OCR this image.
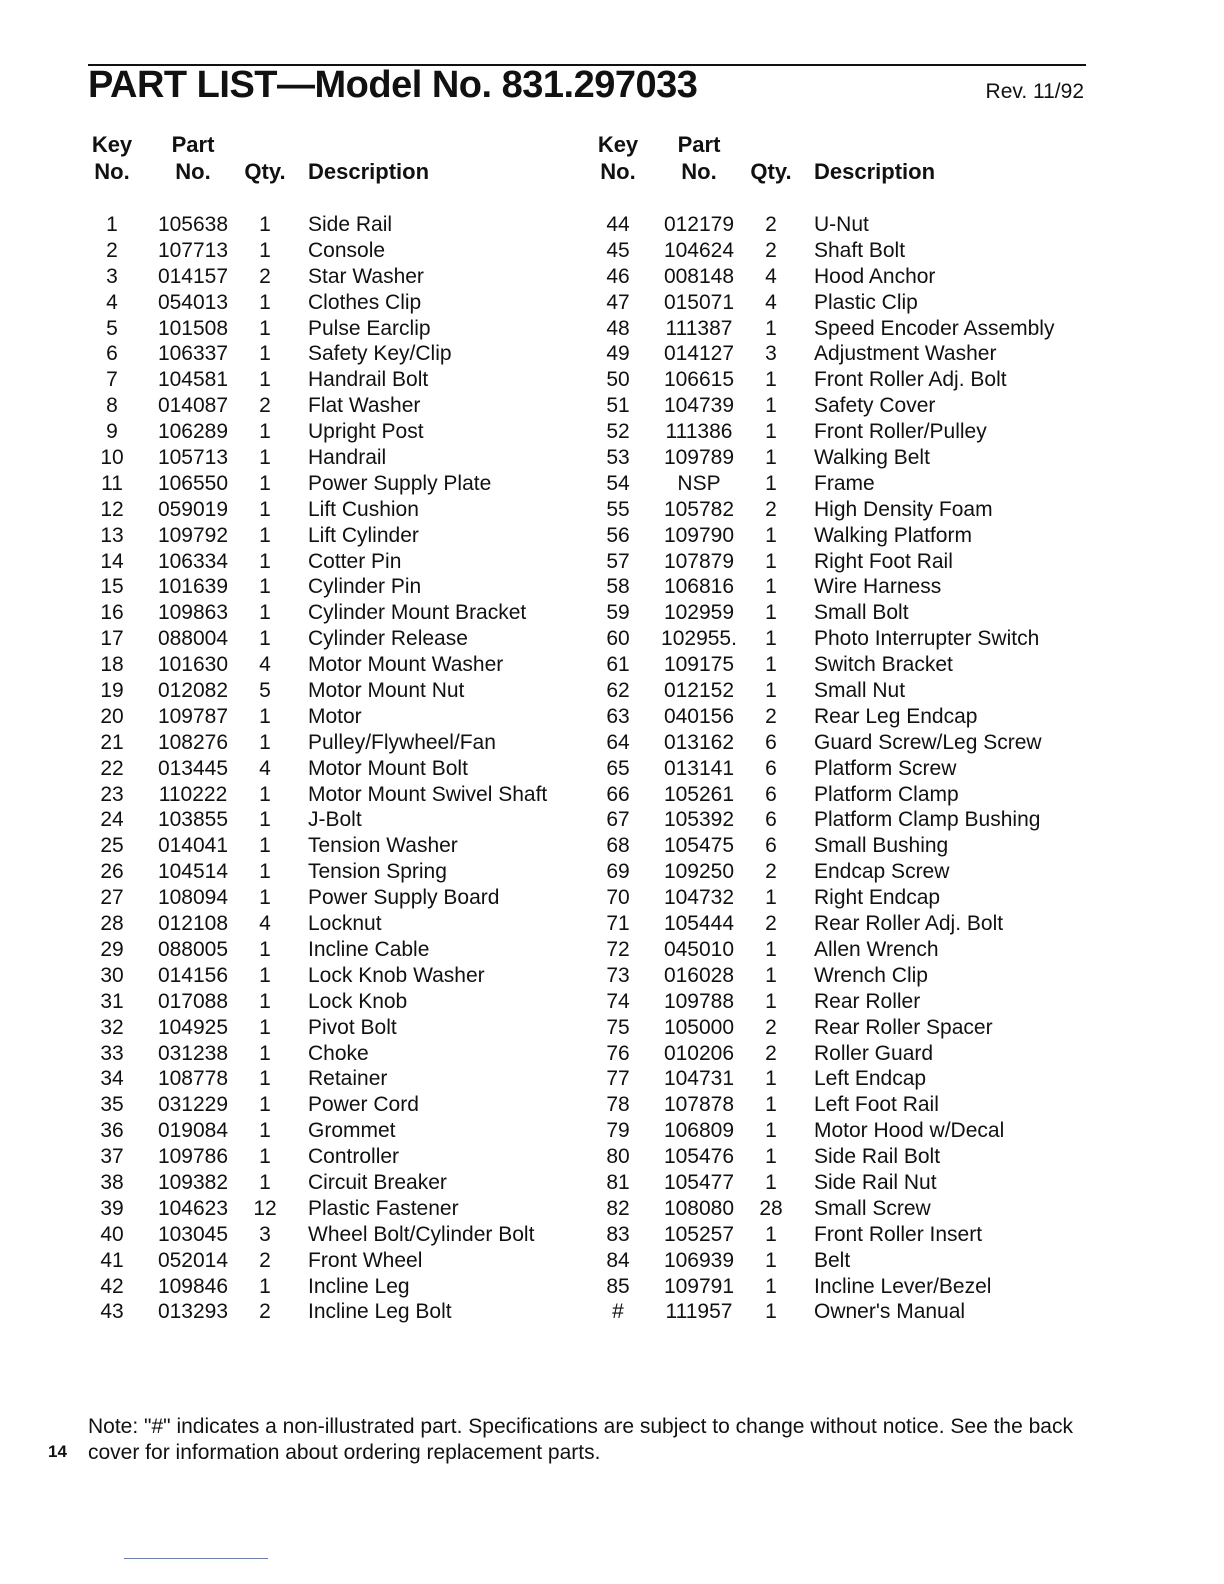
PART LIST—Model No. 831.297033	Rev. 11/92
Key
No.
Part
No.	Qty. Description
1	105638	1	Side Rail
2	107713	1	Console
3	014157	2	Star Washer
4	054013	1	Clothes Clip
5	101508	1	Pulse Earclip
6	106337	1	Safety Key/Clip
7	104581	1	Handrail Bolt
8	014087	2	Flat Washer
9	106289	1	Upright Post
10	105713	1	Handrail
11	106550	1	Power Supply Plate
12	059019	1	Lift Cushion
13	109792	1	Lift Cylinder
14	106334	1	Cotter Pin
15	101639	1	Cylinder Pin
16	109863	1	Cylinder Mount Bracket
17	088004	1	Cylinder Release
18	101630	4	Motor Mount Washer
19	012082	5	Motor Mount Nut
20	109787	1	Motor
21	108276	1	Pulley/Flywheel/Fan
22	013445	4	Motor Mount Bolt
23	110222	1	Motor Mount Swivel Shaft
24	103855	1	J-Bolt
25	014041	1	Tension Washer
26	104514	1	Tension Spring
27	108094	1	Power Supply Board
28	012108	4	Locknut
29	088005	1	Incline Cable
30	014156	1	Lock Knob Washer
31	017088	1	Lock Knob
32	104925	1	Pivot Bolt
33	031238	1	Choke
34	108778	1	Retainer
35	031229	1	Power Cord
36	019084	1	Grommet
37	109786	1	Controller
38	109382	1	Circuit Breaker
39	104623	12	Plastic Fastener
40	103045	3	Wheel Bolt/Cylinder Bolt
41	052014	2	Front Wheel
42	109846	1	Incline Leg
43	013293	2	Incline Leg Bolt
Key
No.
Part
No.	Qty. Description
44	012179	2	U-Nut
45	104624	2	Shaft Bolt
46	008148	4	Hood Anchor
47	015071	4	Plastic Clip
48	111387	1	Speed Encoder Assembly
49	014127	3	Adjustment Washer
50	106615	1	Front Roller Adj. Bolt
51	104739	1	Safety Cover
52	111386	1	Front Roller/Pulley
53	109789	1	Walking Belt
54	NSP	1	Frame
55	105782	2	High Density Foam
56	109790	1	Walking Platform
57	107879	1	Right Foot Rail
58	106816	1	Wire Harness
59	102959	1	Small Bolt
60	102955.	1	Photo Interrupter Switch
61	109175	1	Switch Bracket
62	012152	1	Small Nut
63	040156	2	Rear Leg Endcap
64	013162	6	Guard Screw/Leg Screw
65	013141	6	Platform Screw
66	105261	6	Platform Clamp
67	105392	6	Platform Clamp Bushing
68	105475	6	Small Bushing
69	109250	2	Endcap Screw
70	104732	1	Right Endcap
71	105444	2	Rear Roller Adj. Bolt
72	045010	1	Allen Wrench
73	016028	1	Wrench Clip
74	109788	1	Rear Roller
75	105000	2	Rear Roller Spacer
76	010206	2	Roller Guard
77	104731	1	Left Endcap
78	107878	1	Left Foot Rail
79	106809	1	Motor Hood w/Decal
80	105476	1	Side Rail Bolt
81	105477	1	Side Rail Nut
82	108080	28	Small Screw
83	105257	1	Front Roller Insert
84	106939	1	Belt
85	109791	1	Incline Lever/Bezel
#	111957	1	Owner's Manual
Note: "#" indicates a non-illustrated part. Specifications are subject to change without notice. See the back cover for information about ordering replacement parts.
14
